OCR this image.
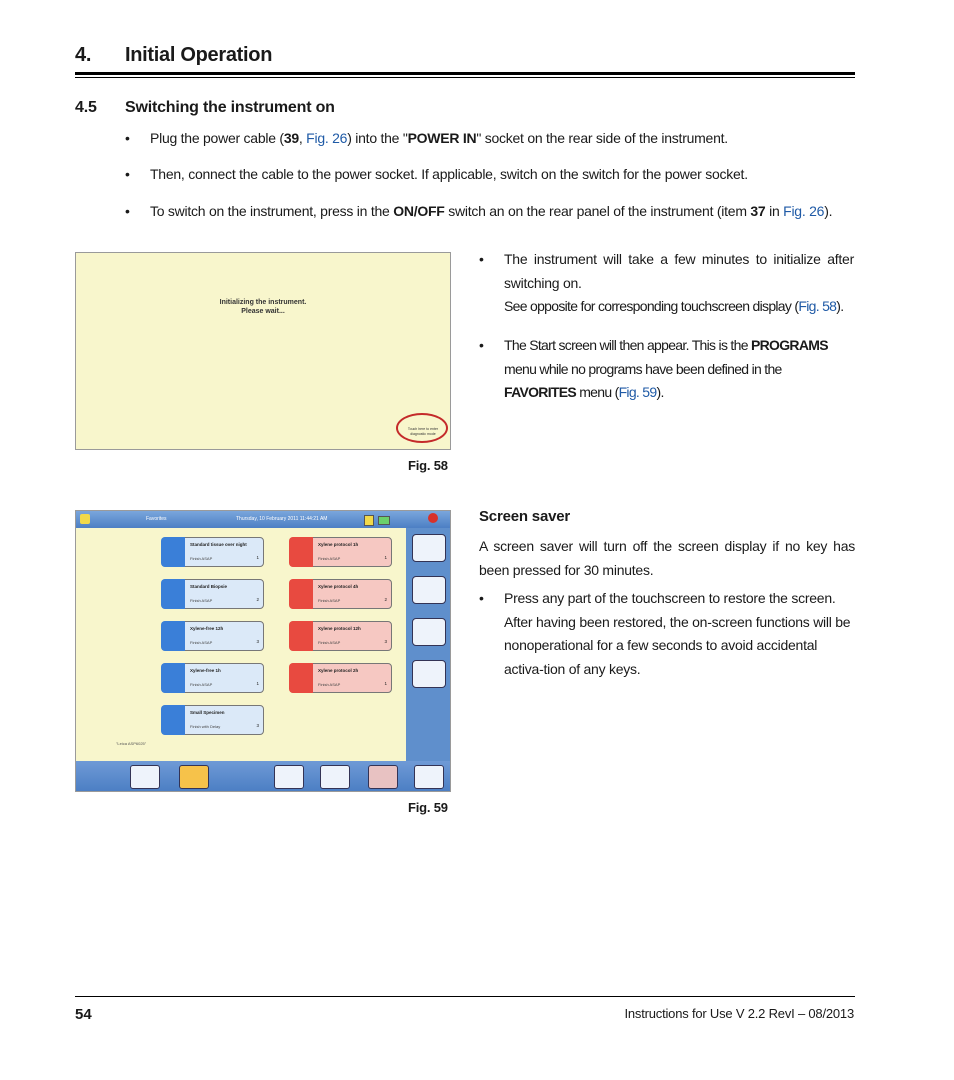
4. Initial Operation
4.5 Switching the instrument on
• Plug the power cable (39, Fig. 26) into the "POWER IN" socket on the rear side of the instrument.
• Then, connect the cable to the power socket. If applicable, switch on the switch for the power socket.
• To switch on the instrument, press in the ON/OFF switch an on the rear panel of the instrument (item 37 in Fig. 26).
Initializing the instrument.
Please wait...
Touch here to enter
diagnostic mode
Fig. 58
• The instrument will take a few minutes to initialize after switching on.
See opposite for corresponding touchscreen display (Fig. 58).
• The Start screen will then appear. This is the PROGRAMS menu while no programs have been defined in the FAVORITES menu (Fig. 59).
Favorites	Thursday, 10 February 2011 11:44:21 AM
Standard tissue over night
Finish ASAP	1
Standard Biopsie
Finish ASAP	2
Xylene-free 12h
Finish ASAP	3
Xylene-free 1h
Finish ASAP	1
Small Specimen
Finish with Delay	3
Xylene protocol 1h
Finish ASAP	1
Xylene protocol 4h
Finish ASAP	2
Xylene protocol 12h
Finish ASAP	3
Xylene protocol 2h
Finish ASAP	1
"Leica ASP6025"
Fig. 59
Screen saver
A screen saver will turn off the screen display if no key has been pressed for 30 minutes.
• Press any part of the touchscreen to restore the screen. After having been restored, the on-screen functions will be nonoperational for a few seconds to avoid accidental activa-tion of any keys.
54	Instructions for Use V 2.2 RevI – 08/2013
